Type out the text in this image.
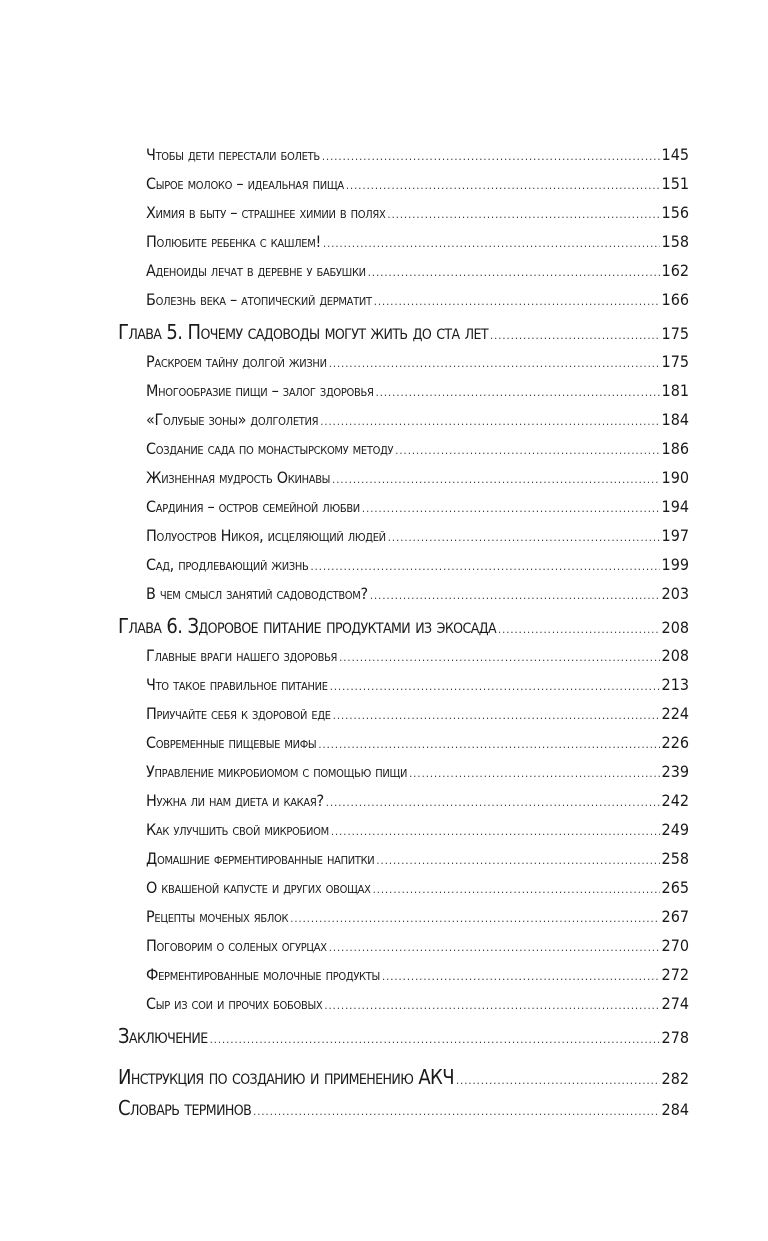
Чтобы дети перестали болеть .....	145
Сырое молоко – идеальная пища .....	151
Химия в быту – страшнее химии в полях .....	156
Полюбите ребенка с кашлем! .....	158
Аденоиды лечат в деревне у бабушки .....	162
Болезнь века – атопический дерматит .....	166
Глава 5. Почему садоводы могут жить до ста лет .....	175
Раскроем тайну долгой жизни .....	175
Многообразие пищи – залог здоровья .....	181
«Голубые зоны» долголетия .....	184
Создание сада по монастырскому методу .....	186
Жизненная мудрость Окинавы .....	190
Сардиния – остров семейной любви .....	194
Полуостров Никоя, исцеляющий людей .....	197
Сад, продлевающий жизнь .....	199
В чем смысл занятий садоводством? .....	203
Глава 6. Здоровое питание продуктами из экосада .....	208
Главные враги нашего здоровья .....	208
Что такое правильное питание .....	213
Приучайте себя к здоровой еде .....	224
Современные пищевые мифы .....	226
Управление микробиомом с помощью пищи .....	239
Нужна ли нам диета и какая? .....	242
Как улучшить свой микробиом .....	249
Домашние ферментированные напитки .....	258
О квашеной капусте и других овощах .....	265
Рецепты моченых яблок .....	267
Поговорим о соленых огурцах .....	270
Ферментированные молочные продукты .....	272
Сыр из сои и прочих бобовых .....	274
Заключение .....	278
Инструкция по созданию и применению АКЧ .....	282
Словарь терминов .....	284
